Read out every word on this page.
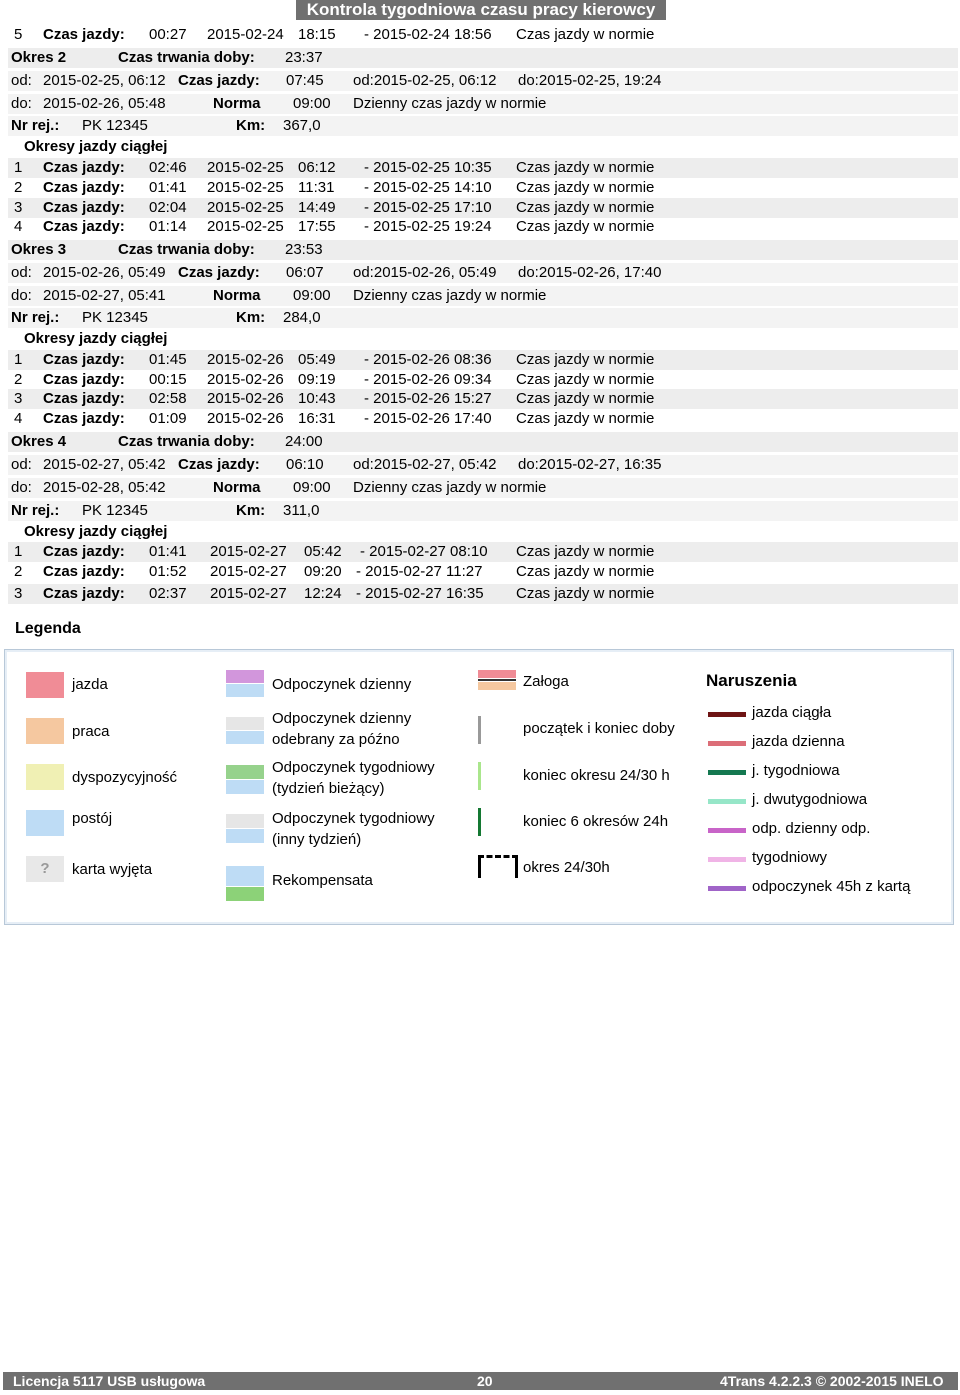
Kontrola tygodniowa czasu pracy kierowcy
5 Czas jazdy: 00:27 2015-02-24 18:15 - 2015-02-24 18:56 Czas jazdy w normie
Okres 2	Czas trwania doby: 23:37
od: 2015-02-25, 06:12 Czas jazdy: 07:45 od:2015-02-25, 06:12 do:2015-02-25, 19:24
do: 2015-02-26, 05:48	Norma 09:00 Dzienny czas jazdy w normie
Nr rej.: PK 12345	Km: 367,0
Okresy jazdy ciągłej
1 Czas jazdy: 02:46 2015-02-25 06:12 - 2015-02-25 10:35 Czas jazdy w normie
2 Czas jazdy: 01:41 2015-02-25 11:31 - 2015-02-25 14:10 Czas jazdy w normie
3 Czas jazdy: 02:04 2015-02-25 14:49 - 2015-02-25 17:10 Czas jazdy w normie
4 Czas jazdy: 01:14 2015-02-25 17:55 - 2015-02-25 19:24 Czas jazdy w normie
Okres 3	Czas trwania doby: 23:53
od: 2015-02-26, 05:49 Czas jazdy: 06:07 od:2015-02-26, 05:49 do:2015-02-26, 17:40
do: 2015-02-27, 05:41	Norma 09:00 Dzienny czas jazdy w normie
Nr rej.: PK 12345	Km: 284,0
Okresy jazdy ciągłej
1 Czas jazdy: 01:45 2015-02-26 05:49 - 2015-02-26 08:36 Czas jazdy w normie
2 Czas jazdy: 00:15 2015-02-26 09:19 - 2015-02-26 09:34 Czas jazdy w normie
3 Czas jazdy: 02:58 2015-02-26 10:43 - 2015-02-26 15:27 Czas jazdy w normie
4 Czas jazdy: 01:09 2015-02-26 16:31 - 2015-02-26 17:40 Czas jazdy w normie
Okres 4	Czas trwania doby: 24:00
od: 2015-02-27, 05:42 Czas jazdy: 06:10 od:2015-02-27, 05:42 do:2015-02-27, 16:35
do: 2015-02-28, 05:42	Norma 09:00 Dzienny czas jazdy w normie
Nr rej.: PK 12345	Km: 311,0
Okresy jazdy ciągłej
1 Czas jazdy: 01:41 2015-02-27 05:42 - 2015-02-27 08:10 Czas jazdy w normie
2 Czas jazdy: 01:52 2015-02-27 09:20 - 2015-02-27 11:27 Czas jazdy w normie
3 Czas jazdy: 02:37 2015-02-27 12:24 - 2015-02-27 16:35 Czas jazdy w normie
Legenda
jazda
praca
dyspozycyjność
postój
?	karta wyjęta
Odpoczynek dzienny
Odpoczynek dzienny
odebrany za późno
Odpoczynek tygodniowy
(tydzień bieżący)
Odpoczynek tygodniowy
(inny tydzień)
Rekompensata
Załoga
początek i koniec doby
koniec okresu 24/30 h
koniec 6 okresów 24h
okres 24/30h
Naruszenia
jazda ciągła
jazda dzienna
j. tygodniowa
j. dwutygodniowa
odp. dzienny odp.
tygodniowy
odpoczynek 45h z kartą
Licencja 5117 USB usługowa	20	4Trans 4.2.2.3 © 2002-2015 INELO
